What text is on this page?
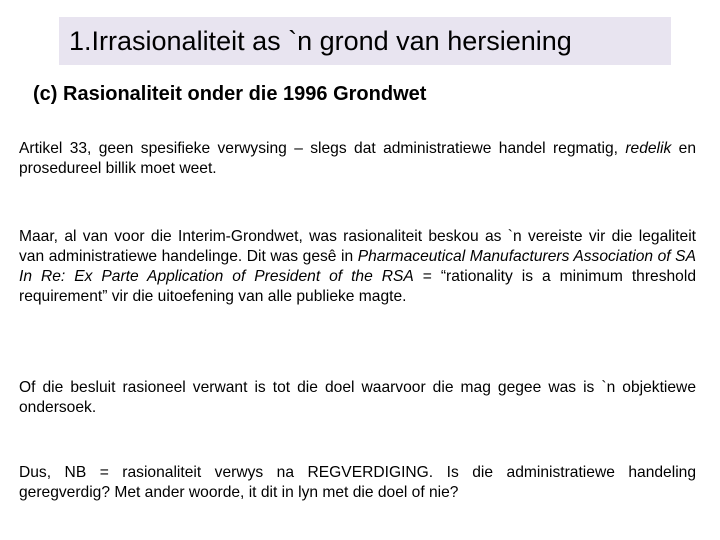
1.Irrasionaliteit as `n grond van hersiening
(c) Rasionaliteit onder die 1996 Grondwet

Artikel 33, geen spesifieke verwysing – slegs dat administratiewe handel regmatig, redelik en prosedureel billik moet weet.

Maar, al van voor die Interim-Grondwet, was rasionaliteit beskou as `n vereiste vir die legaliteit van administratiewe handelinge. Dit was gesê in Pharmaceutical Manufacturers Association of SA In Re: Ex Parte Application of President of the RSA = “rationality is a minimum threshold requirement” vir die uitoefening van alle publieke magte.

Of die besluit rasioneel verwant is tot die doel waarvoor die mag gegee was is `n objektiewe ondersoek.

Dus, NB = rasionaliteit verwys na REGVERDIGING. Is die administratiewe handeling geregverdig? Met ander woorde, it dit in lyn met die doel of nie?
